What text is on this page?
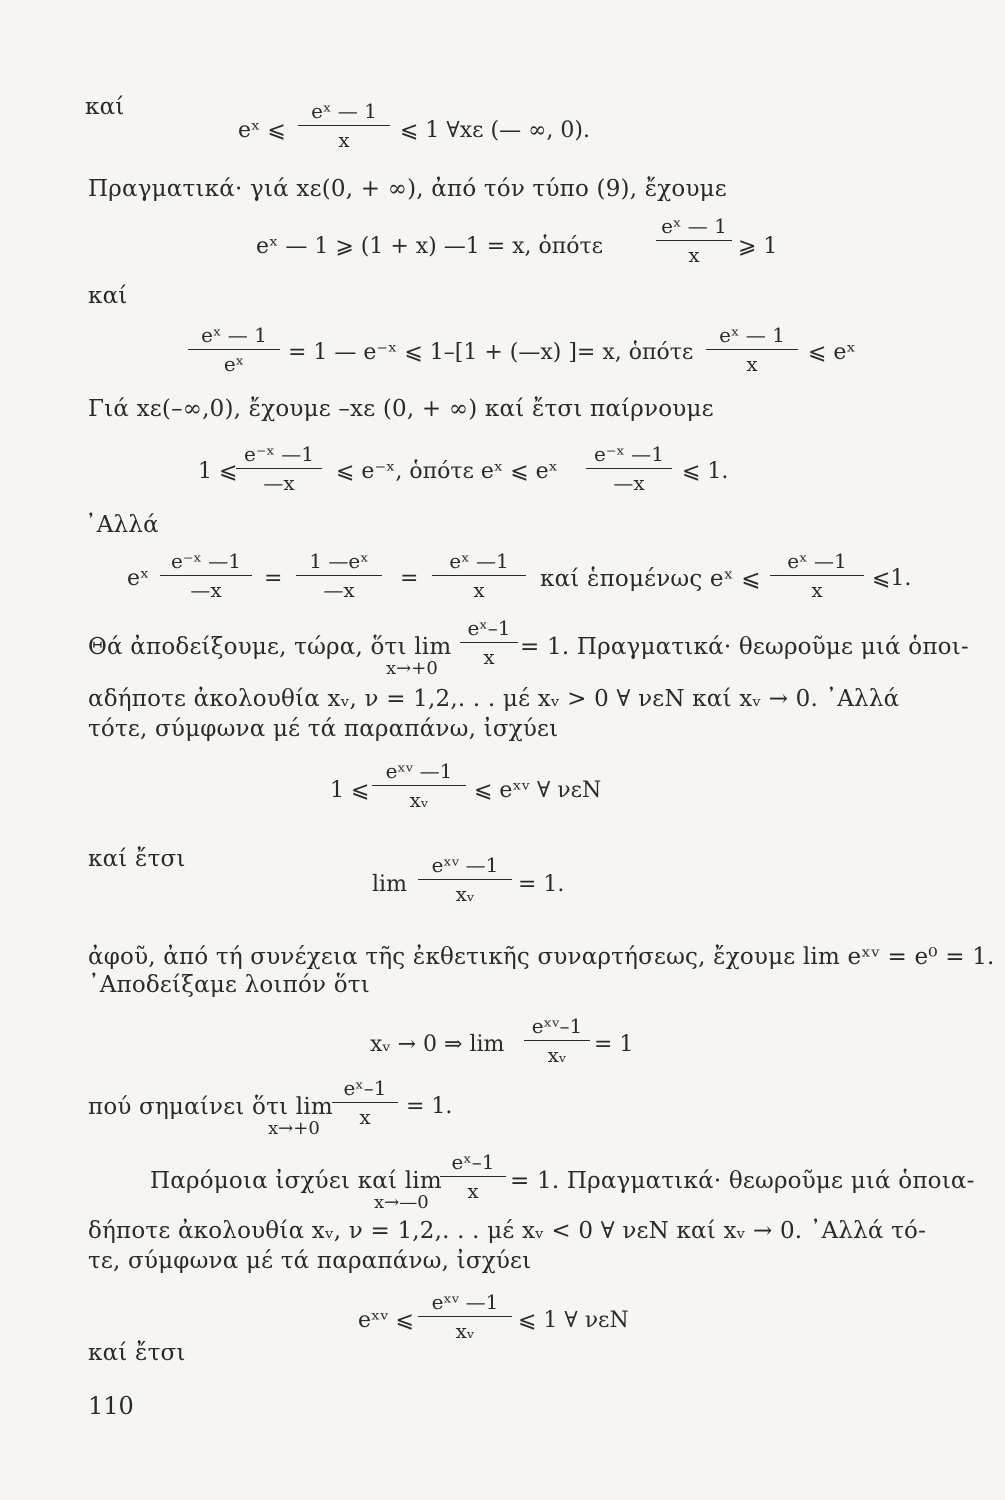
καί
eˣ ⩽
eˣ — 1
x	⩽ 1 ∀xε (— ∞, 0).
Πραγματικά· γιά xε(0, + ∞), ἀπό τόν τύπο (9), ἔχουμε
eˣ — 1 ⩾ (1 + x) —1 = x, ὁπότε
eˣ — 1
x	⩾ 1
καί
eˣ — 1
eˣ	= 1 — e⁻ˣ ⩽ 1–[1 + (—x) ]= x, ὁπότε
eˣ — 1
x	⩽ eˣ
Γιά xε(–∞,0), ἔχουμε –xε (0, + ∞) καί ἔτσι παίρνουμε
1 ⩽
e⁻ˣ —1
—x	⩽ e⁻ˣ, ὁπότε eˣ ⩽ eˣ
e⁻ˣ —1
—x	⩽ 1.
᾿Αλλά
eˣ
e⁻ˣ —1
—x	=
1 —eˣ
—x	=
eˣ —1
x	καί ἑπομένως eˣ ⩽
eˣ —1
x	⩽1.
Θά ἀποδείξουμε, τώρα, ὅτι lim
eˣ–1
x	= 1. Πραγματικά· θεωροῦμε μιά ὁποι-
x→+0
αδήποτε ἀκολουθία xᵥ, ν = 1,2,. . . μέ xᵥ > 0 ∀ νεΝ καί xᵥ → 0. ᾿Αλλά
τότε, σύμφωνα μέ τά παραπάνω, ἰσχύει
1 ⩽
eˣᵛ —1
xᵥ	⩽ eˣᵛ ∀ νεΝ
καί ἔτσι
lim
eˣᵛ —1
xᵥ	= 1.
ἀφοῦ, ἀπό τή συνέχεια τῆς ἐκθετικῆς συναρτήσεως, ἔχουμε lim eˣᵛ = e⁰ = 1.
᾿Αποδείξαμε λοιπόν ὅτι
xᵥ → 0 ⇒ lim
eˣᵛ–1
xᵥ	= 1
πού σημαίνει ὅτι lim
eˣ–1
x	= 1.
x→+0
Παρόμοια ἰσχύει καί lim
eˣ–1
x	= 1. Πραγματικά· θεωροῦμε μιά ὁποια-
x→—0
δήποτε ἀκολουθία xᵥ, ν = 1,2,. . . μέ xᵥ < 0 ∀ νεΝ καί xᵥ → 0. ᾿Αλλά τό-
τε, σύμφωνα μέ τά παραπάνω, ἰσχύει
eˣᵛ ⩽
eˣᵛ —1
xᵥ	⩽ 1 ∀ νεΝ
καί ἔτσι
110
